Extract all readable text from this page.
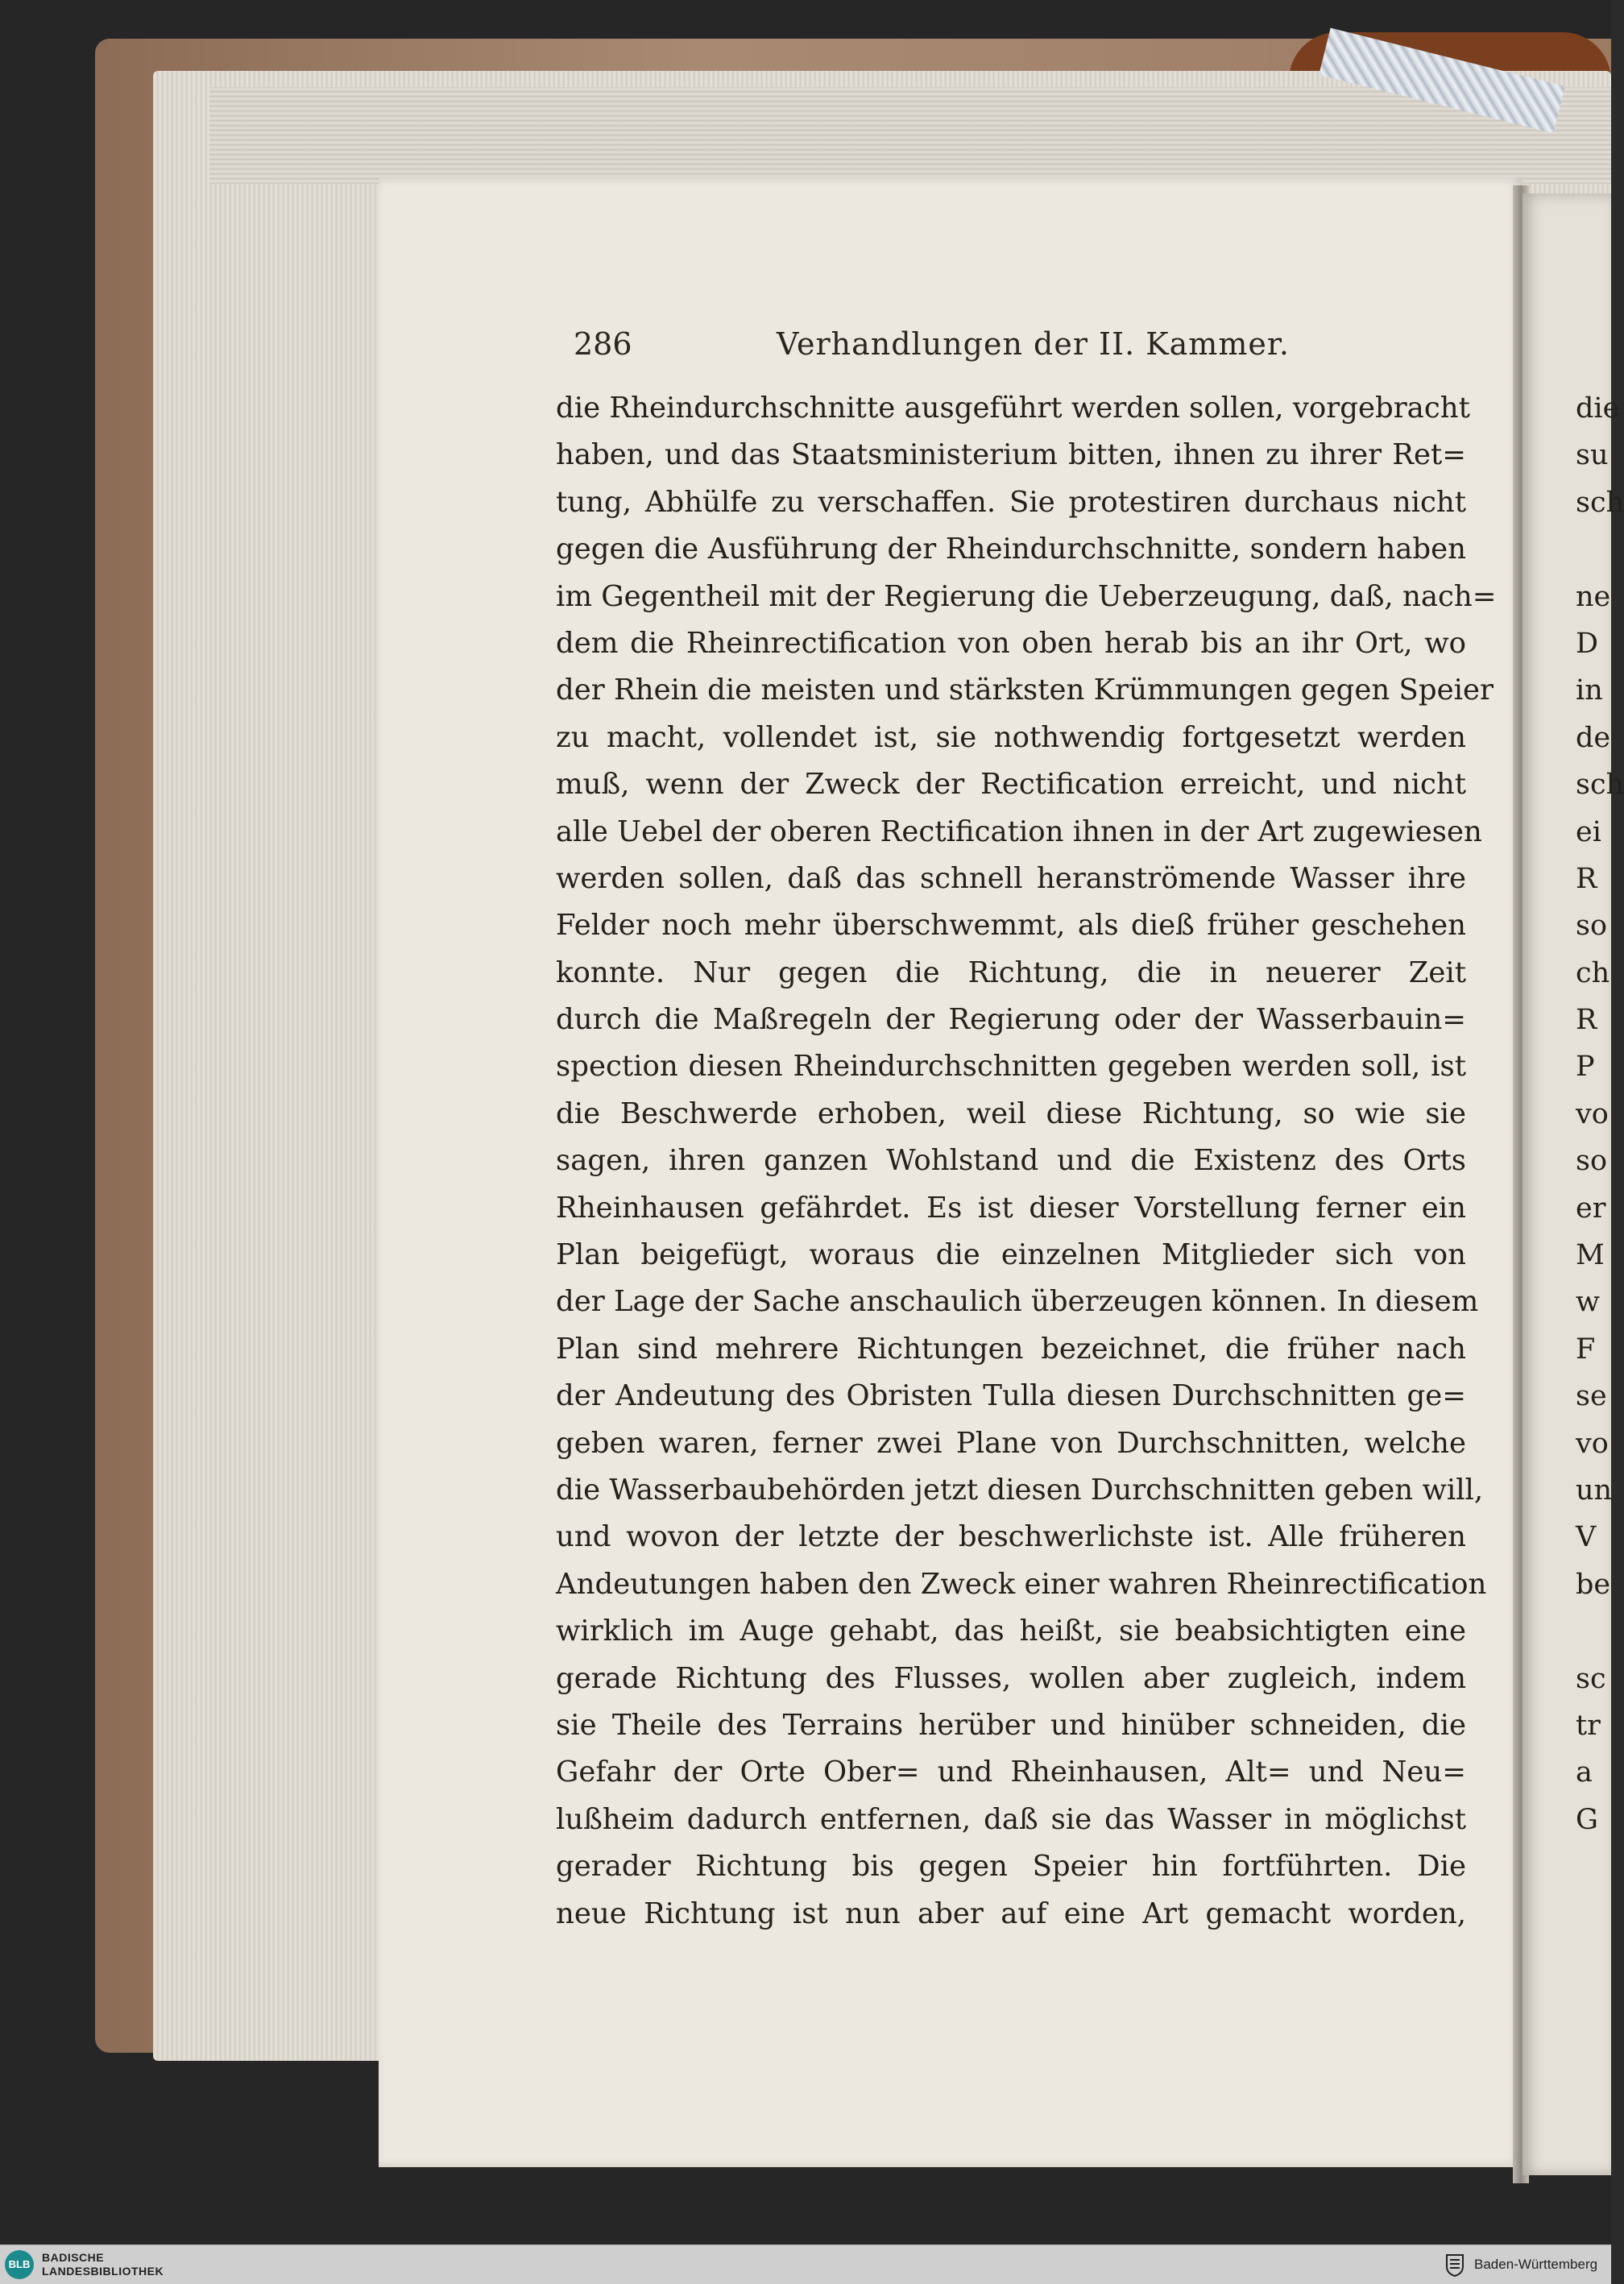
286	Verhandlungen der II. Kammer.
die Rheindurchschnitte ausgeführt werden sollen, vorgebracht
haben, und das Staatsministerium bitten, ihnen zu ihrer Ret=
tung, Abhülfe zu verschaffen. Sie protestiren durchaus nicht
gegen die Ausführung der Rheindurchschnitte, sondern haben
im Gegentheil mit der Regierung die Ueberzeugung, daß, nach=
dem die Rheinrectification von oben herab bis an ihr Ort, wo
der Rhein die meisten und stärksten Krümmungen gegen Speier
zu macht, vollendet ist, sie nothwendig fortgesetzt werden
muß, wenn der Zweck der Rectification erreicht, und nicht
alle Uebel der oberen Rectification ihnen in der Art zugewiesen
werden sollen, daß das schnell heranströmende Wasser ihre
Felder noch mehr überschwemmt, als dieß früher geschehen
konnte. Nur gegen die Richtung, die in neuerer Zeit
durch die Maßregeln der Regierung oder der Wasserbauin=
spection diesen Rheindurchschnitten gegeben werden soll, ist
die Beschwerde erhoben, weil diese Richtung, so wie sie
sagen, ihren ganzen Wohlstand und die Existenz des Orts
Rheinhausen gefährdet. Es ist dieser Vorstellung ferner ein
Plan beigefügt, woraus die einzelnen Mitglieder sich von
der Lage der Sache anschaulich überzeugen können. In diesem
Plan sind mehrere Richtungen bezeichnet, die früher nach
der Andeutung des Obristen Tulla diesen Durchschnitten ge=
geben waren, ferner zwei Plane von Durchschnitten, welche
die Wasserbaubehörden jetzt diesen Durchschnitten geben will,
und wovon der letzte der beschwerlichste ist. Alle früheren
Andeutungen haben den Zweck einer wahren Rheinrectification
wirklich im Auge gehabt, das heißt, sie beabsichtigten eine
gerade Richtung des Flusses, wollen aber zugleich, indem
sie Theile des Terrains herüber und hinüber schneiden, die
Gefahr der Orte Ober= und Rheinhausen, Alt= und Neu=
lußheim dadurch entfernen, daß sie das Wasser in möglichst
gerader Richtung bis gegen Speier hin fortführten. Die
neue Richtung ist nun aber auf eine Art gemacht worden,
die
su
sch
ne
D
in
de
sch
ei
R
so
ch
R
P
vo
so
er
M
w
F
se
vo
un
V
be
sc
tr
a
G
BLB
BADISCHE
LANDESBIBLIOTHEK	Baden-Württemberg
